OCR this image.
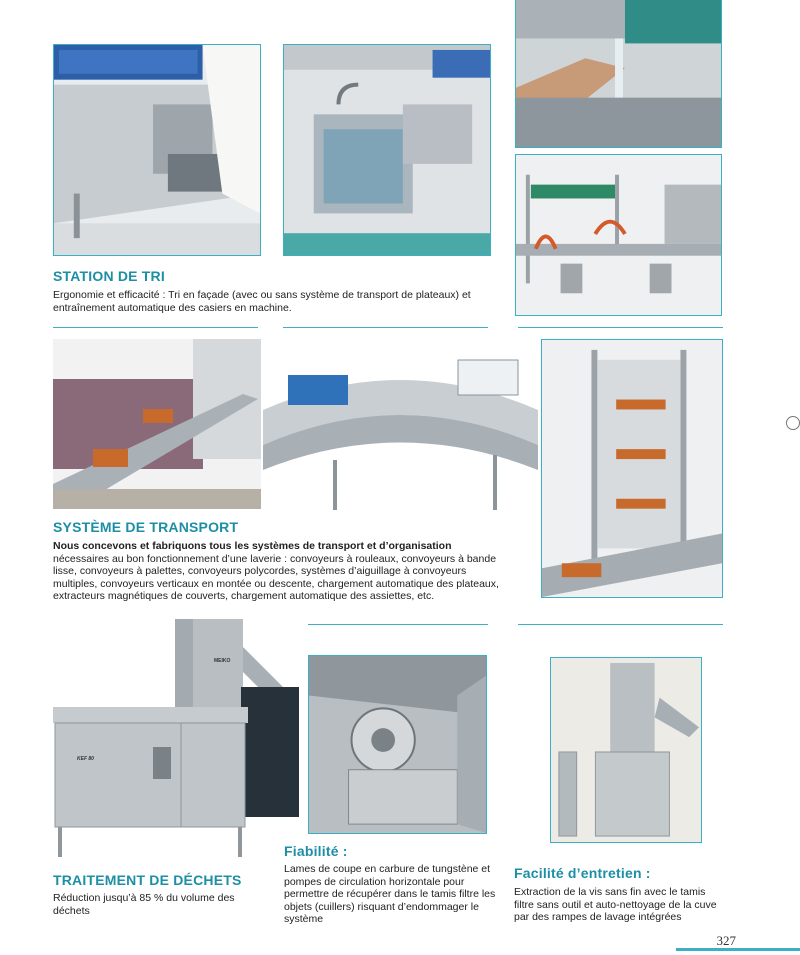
STATION DE TRI
Ergonomie et efficacité : Tri en façade (avec ou sans système de transport de plateaux) et entraînement automatique des casiers en machine.
SYSTÈME DE TRANSPORT
Nous concevons et fabriquons tous les systèmes de transport et d’organisation nécessaires au bon fonctionnement d’une laverie : convoyeurs à rouleaux, convoyeurs à bande lisse, convoyeurs à palettes, convoyeurs polycordes, systèmes d’aiguillage à convoyeurs multiples, convoyeurs verticaux en montée ou descente, chargement automatique des plateaux, extracteurs magnétiques de couverts, chargement automatique des assiettes, etc.
MEIKO
KEF 80
TRAITEMENT DE DÉCHETS
Réduction jusqu’à 85 % du volume des déchets
Fiabilité :
Lames de coupe en carbure de tungstène et pompes de circulation horizontale pour permettre de récupérer dans le tamis filtre les objets (cuillers) risquant d’endommager le système
Facilité d’entretien :
Extraction de la vis sans fin avec le tamis filtre sans outil et auto-nettoyage de la cuve par des rampes de lavage intégrées
327
